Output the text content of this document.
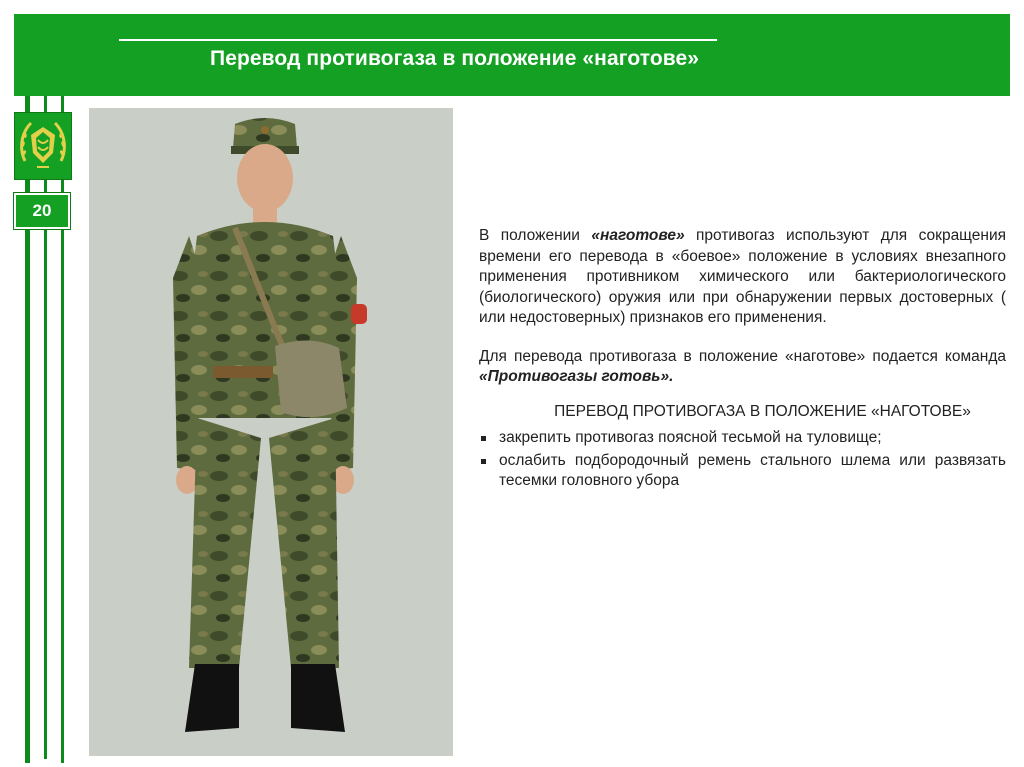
Перевод противогаза в положение «наготове»
20

В положении «наготове» противогаз используют для сокращения времени его перевода в «боевое» положение в условиях внезапного применения противником химического или бактериологического (биологического) оружия или при обнаружении первых достоверных ( или недостоверных) признаков его применения.

Для перевода противогаза в положение «наготове» подается команда «Противогазы готовь».

ПЕРЕВОД ПРОТИВОГАЗА В ПОЛОЖЕНИЕ «НАГОТОВЕ»

закрепить противогаз поясной тесьмой на туловище;
ослабить подбородочный ремень стального шлема или развязать тесемки головного убора
